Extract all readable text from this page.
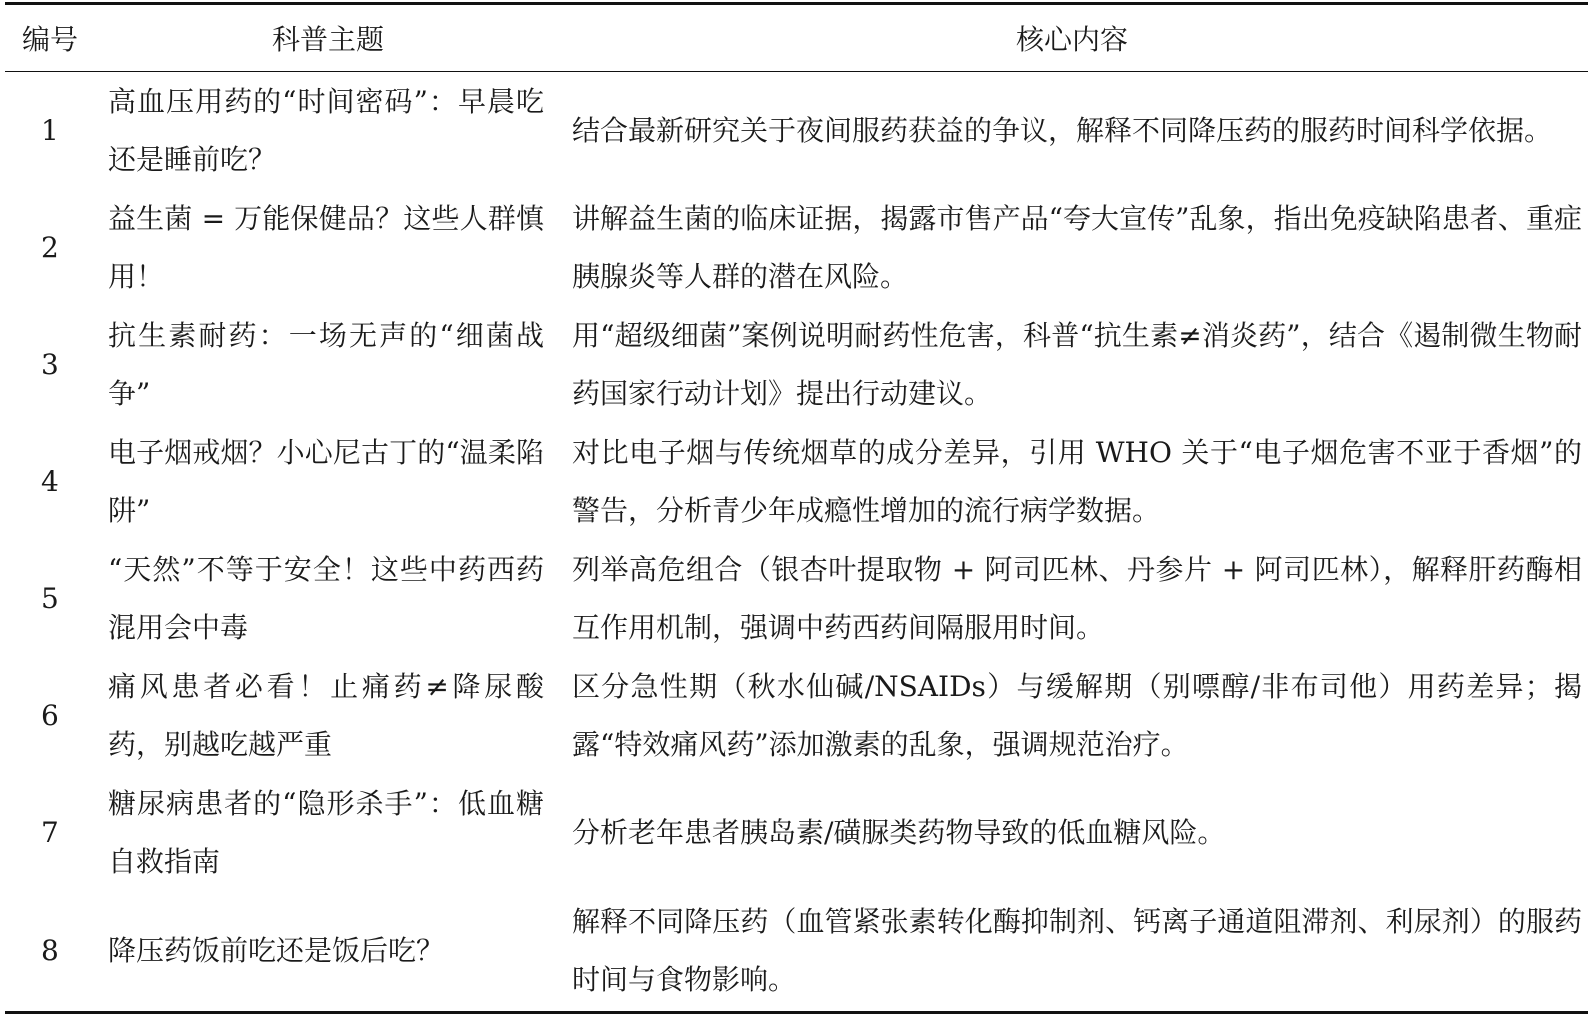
编号	科普主题	核心内容
1	高血压用药的“时间密码”：早晨吃还是睡前吃？	结合最新研究关于夜间服药获益的争议，解释不同降压药的服药时间科学依据。
2	益生菌 = 万能保健品？这些人群慎用！	讲解益生菌的临床证据，揭露市售产品“夸大宣传”乱象，指出免疫缺陷患者、重症胰腺炎等人群的潜在风险。
3	抗生素耐药：一场无声的“细菌战争”	用“超级细菌”案例说明耐药性危害，科普“抗生素≠消炎药”，结合《遏制微生物耐药国家行动计划》提出行动建议。
4	电子烟戒烟？小心尼古丁的“温柔陷阱”	对比电子烟与传统烟草的成分差异，引用 WHO 关于“电子烟危害不亚于香烟”的警告，分析青少年成瘾性增加的流行病学数据。
5	“天然”不等于安全！这些中药西药混用会中毒	列举高危组合（银杏叶提取物 + 阿司匹林、丹参片 + 阿司匹林），解释肝药酶相互作用机制，强调中药西药间隔服用时间。
6	痛风患者必看！止痛药≠降尿酸药，别越吃越严重	区分急性期（秋水仙碱/NSAIDs）与缓解期（别嘌醇/非布司他）用药差异；揭露“特效痛风药”添加激素的乱象，强调规范治疗。
7	糖尿病患者的“隐形杀手”：低血糖自救指南	分析老年患者胰岛素/磺脲类药物导致的低血糖风险。
8	降压药饭前吃还是饭后吃？	解释不同降压药（血管紧张素转化酶抑制剂、钙离子通道阻滞剂、利尿剂）的服药时间与食物影响。
